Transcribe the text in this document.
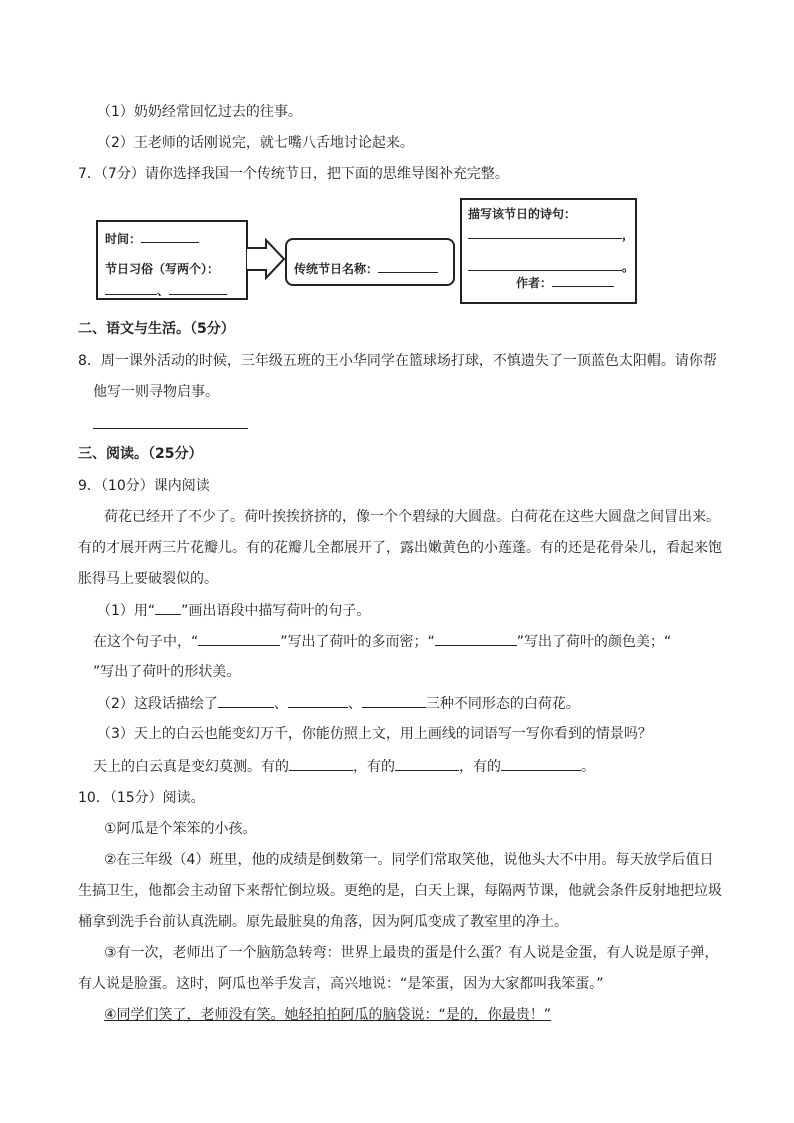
（1）奶奶经常回忆过去的往事。
（2）王老师的话刚说完，就七嘴八舌地讨论起来。
7．（7分）请你选择我国一个传统节日，把下面的思维导图补充完整。
时间：
节日习俗（写两个）：
、
传统节日名称：
描写该节日的诗句：
，
。
作者：
二、语文与生活。（5分）
8．周一课外活动的时候，三年级五班的王小华同学在篮球场打球，不慎遗失了一顶蓝色太阳帽。请你帮
他写一则寻物启事。
三、阅读。（25分）
9．（10分）课内阅读
荷花已经开了不少了。荷叶挨挨挤挤的，像一个个碧绿的大圆盘。白荷花在这些大圆盘之间冒出来。
有的才展开两三片花瓣儿。有的花瓣儿全都展开了，露出嫩黄色的小莲蓬。有的还是花骨朵儿，看起来饱
胀得马上要破裂似的。
（1）用“ ”画出语段中描写荷叶的句子。
在这个句子中，“	”写出了荷叶的多而密；“	”写出了荷叶的颜色美；“
”写出了荷叶的形状美。
（2）这段话描绘了	、	、	三种不同形态的白荷花。
（3）天上的白云也能变幻万千，你能仿照上文，用上画线的词语写一写你看到的情景吗？
天上的白云真是变幻莫测。有的	，有的	，有的	。
10．（15分）阅读。
①阿瓜是个笨笨的小孩。
②在三年级（4）班里，他的成绩是倒数第一。同学们常取笑他，说他头大不中用。每天放学后值日
生搞卫生，他都会主动留下来帮忙倒垃圾。更绝的是，白天上课，每隔两节课，他就会条件反射地把垃圾
桶拿到洗手台前认真洗刷。原先最脏臭的角落，因为阿瓜变成了教室里的净土。
③有一次，老师出了一个脑筋急转弯：世界上最贵的蛋是什么蛋？有人说是金蛋，有人说是原子弹，
有人说是脸蛋。这时，阿瓜也举手发言，高兴地说：“是笨蛋，因为大家都叫我笨蛋。”
④同学们笑了，老师没有笑。她轻拍拍阿瓜的脑袋说：“是的，你最贵！”
